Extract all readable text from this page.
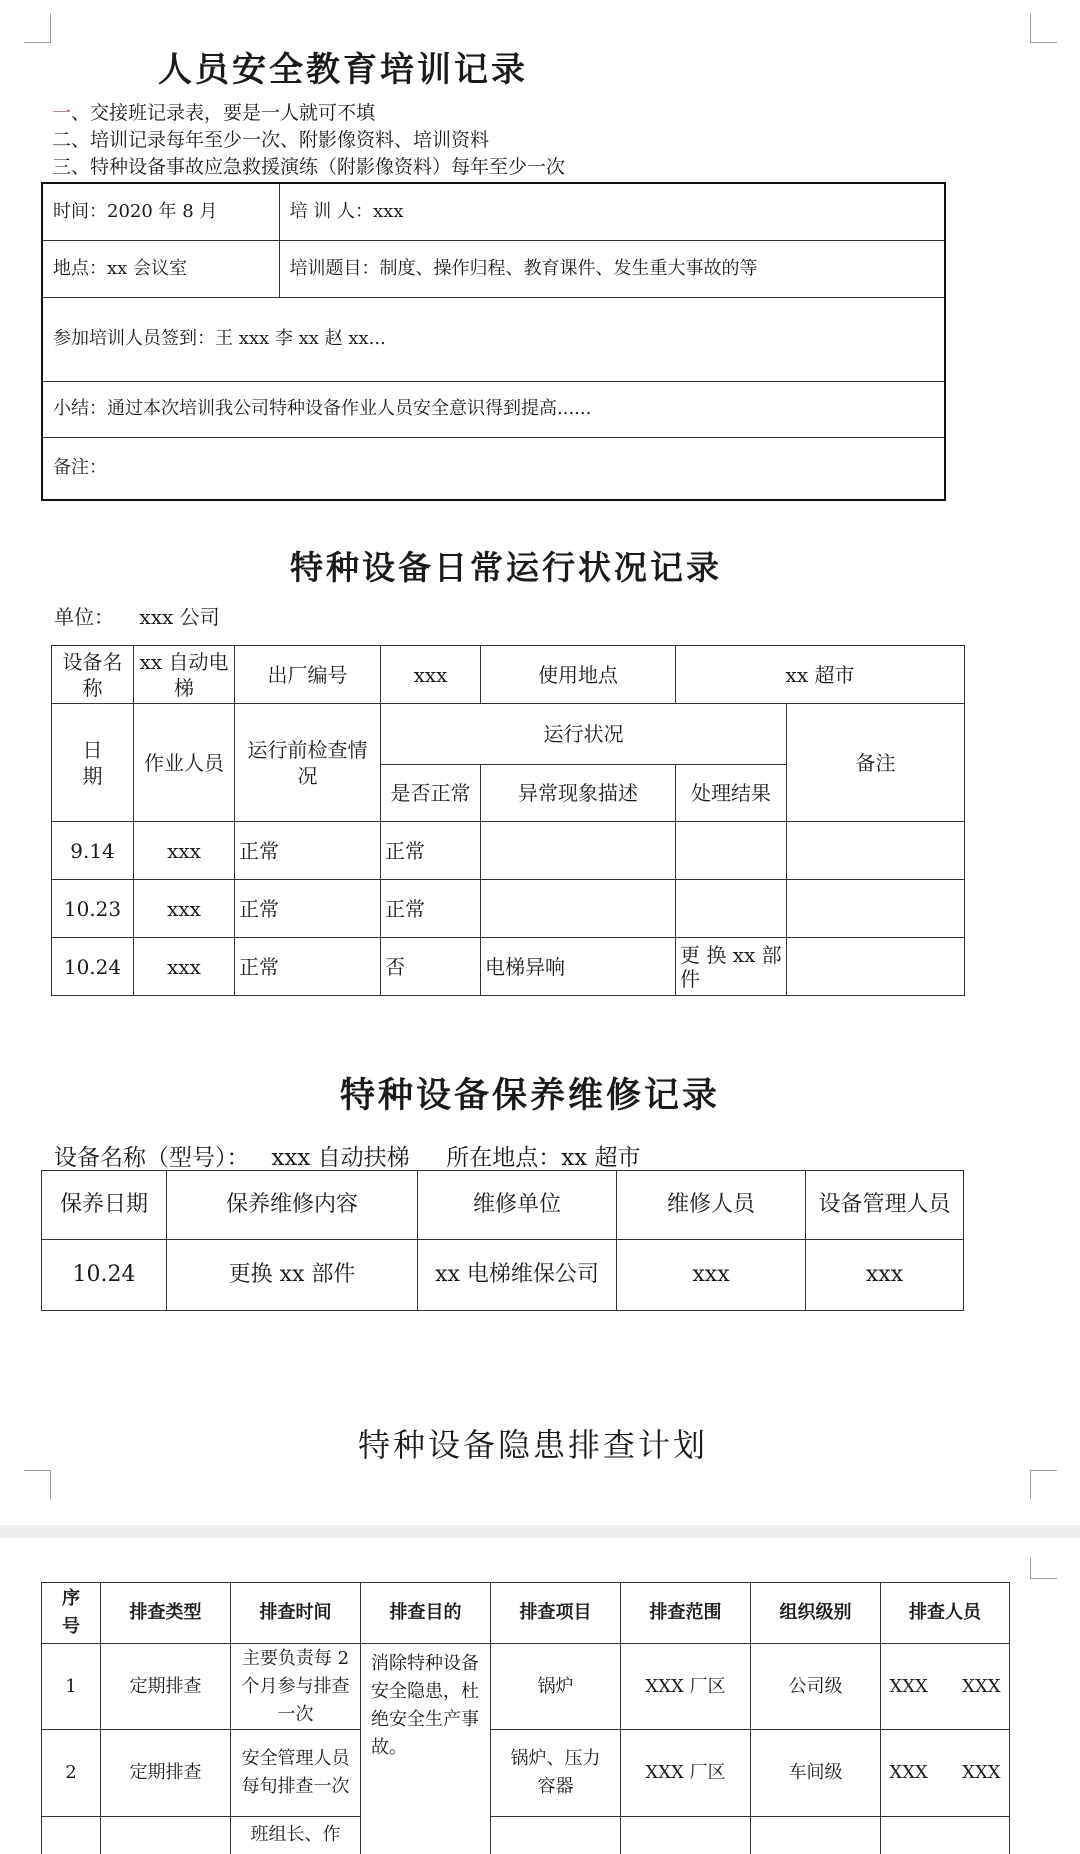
人员安全教育培训记录
一、交接班记录表，要是一人就可不填
二、培训记录每年至少一次、附影像资料、培训资料
三、特种设备事故应急救援演练（附影像资料）每年至少一次
时间：2020 年 8 月	培 训 人：xxx
地点：xx 会议室	培训题目：制度、操作归程、教育课件、发生重大事故的等
参加培训人员签到：王 xxx 李 xx 赵 xx...	
小结：通过本次培训我公司特种设备作业人员安全意识得到提高......	
备注：	
特种设备日常运行状况记录
单位：    xxx 公司
设备名称	xx 自动电梯	出厂编号	xxx	使用地点	xx 超市	
日期	作业人员	运行前检查情况	运行状况			备注
			是否正常	异常现象描述	处理结果	
9.14	xxx	正常	正常			
10.23	xxx	正常	正常			
10.24	xxx	正常	否	电梯异响	更 换 xx 部件	
特种设备保养维修记录
设备名称（型号）：   xxx 自动扶梯     所在地点：xx 超市
保养日期	保养维修内容	维修单位	维修人员	设备管理人员
10.24	更换 xx 部件	xx 电梯维保公司	xxx	xxx
特种设备隐患排查计划
序号	排查类型	排查时间	排查目的	排查项目	排查范围	组织级别	排查人员
1	定期排查	主要负责每 2 个月参与排查一次	消除特种设备安全隐患，杜绝安全生产事故。	锅炉	XXX 厂区	公司级	XXX      XXX
2	定期排查	安全管理人员每旬排查一次		锅炉、压力容器	XXX 厂区	车间级	XXX      XXX
		班组长、作					
